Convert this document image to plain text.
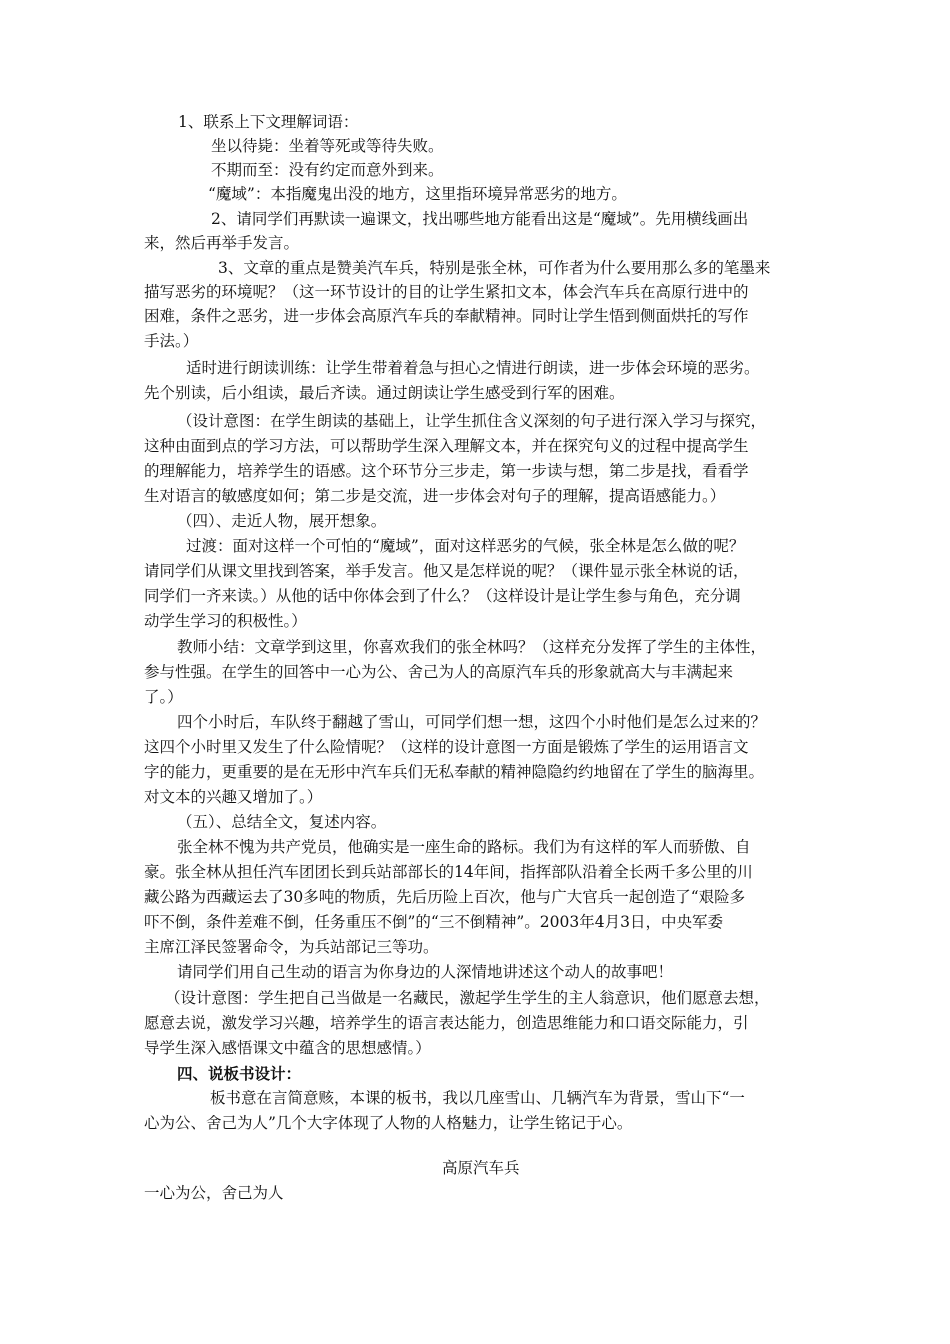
1、联系上下文理解词语：
坐以待毙：坐着等死或等待失败。
不期而至：没有约定而意外到来。
“魔域”：本指魔鬼出没的地方，这里指环境异常恶劣的地方。
2、请同学们再默读一遍课文，找出哪些地方能看出这是“魔域”。先用横线画出
来，然后再举手发言。
3、文章的重点是赞美汽车兵，特别是张全林，可作者为什么要用那么多的笔墨来
描写恶劣的环境呢？（这一环节设计的目的让学生紧扣文本，体会汽车兵在高原行进中的
困难，条件之恶劣，进一步体会高原汽车兵的奉献精神。同时让学生悟到侧面烘托的写作
手法。）
适时进行朗读训练：让学生带着着急与担心之情进行朗读，进一步体会环境的恶劣。
先个别读，后小组读，最后齐读。通过朗读让学生感受到行军的困难。
（设计意图：在学生朗读的基础上，让学生抓住含义深刻的句子进行深入学习与探究，
这种由面到点的学习方法，可以帮助学生深入理解文本，并在探究句义的过程中提高学生
的理解能力，培养学生的语感。这个环节分三步走，第一步读与想，第二步是找，看看学
生对语言的敏感度如何；第二步是交流，进一步体会对句子的理解，提高语感能力。）
（四）、走近人物，展开想象。
过渡：面对这样一个可怕的“魔域”，面对这样恶劣的气候，张全林是怎么做的呢？
请同学们从课文里找到答案，举手发言。他又是怎样说的呢？（课件显示张全林说的话，
同学们一齐来读。）从他的话中你体会到了什么？（这样设计是让学生参与角色，充分调
动学生学习的积极性。）
教师小结：文章学到这里，你喜欢我们的张全林吗？（这样充分发挥了学生的主体性，
参与性强。在学生的回答中一心为公、舍己为人的高原汽车兵的形象就高大与丰满起来
了。）
四个小时后，车队终于翻越了雪山，可同学们想一想，这四个小时他们是怎么过来的？
这四个小时里又发生了什么险情呢？（这样的设计意图一方面是锻炼了学生的运用语言文
字的能力，更重要的是在无形中汽车兵们无私奉献的精神隐隐约约地留在了学生的脑海里。
对文本的兴趣又增加了。）
（五）、总结全文，复述内容。
张全林不愧为共产党员，他确实是一座生命的路标。我们为有这样的军人而骄傲、自
豪。张全林从担任汽车团团长到兵站部部长的14年间，指挥部队沿着全长两千多公里的川
藏公路为西藏运去了30多吨的物质，先后历险上百次，他与广大官兵一起创造了“艰险多
吓不倒，条件差难不倒，任务重压不倒”的“三不倒精神”。2003年4月3日，中央军委
主席江泽民签署命令，为兵站部记三等功。
请同学们用自己生动的语言为你身边的人深情地讲述这个动人的故事吧！
（设计意图：学生把自己当做是一名藏民，激起学生学生的主人翁意识，他们愿意去想，
愿意去说，激发学习兴趣，培养学生的语言表达能力，创造思维能力和口语交际能力，引
导学生深入感悟课文中蕴含的思想感情。）
四、说板书设计：
板书意在言简意赅，本课的板书，我以几座雪山、几辆汽车为背景，雪山下“一
心为公、舍己为人”几个大字体现了人物的人格魅力，让学生铭记于心。
高原汽车兵
一心为公，舍己为人
